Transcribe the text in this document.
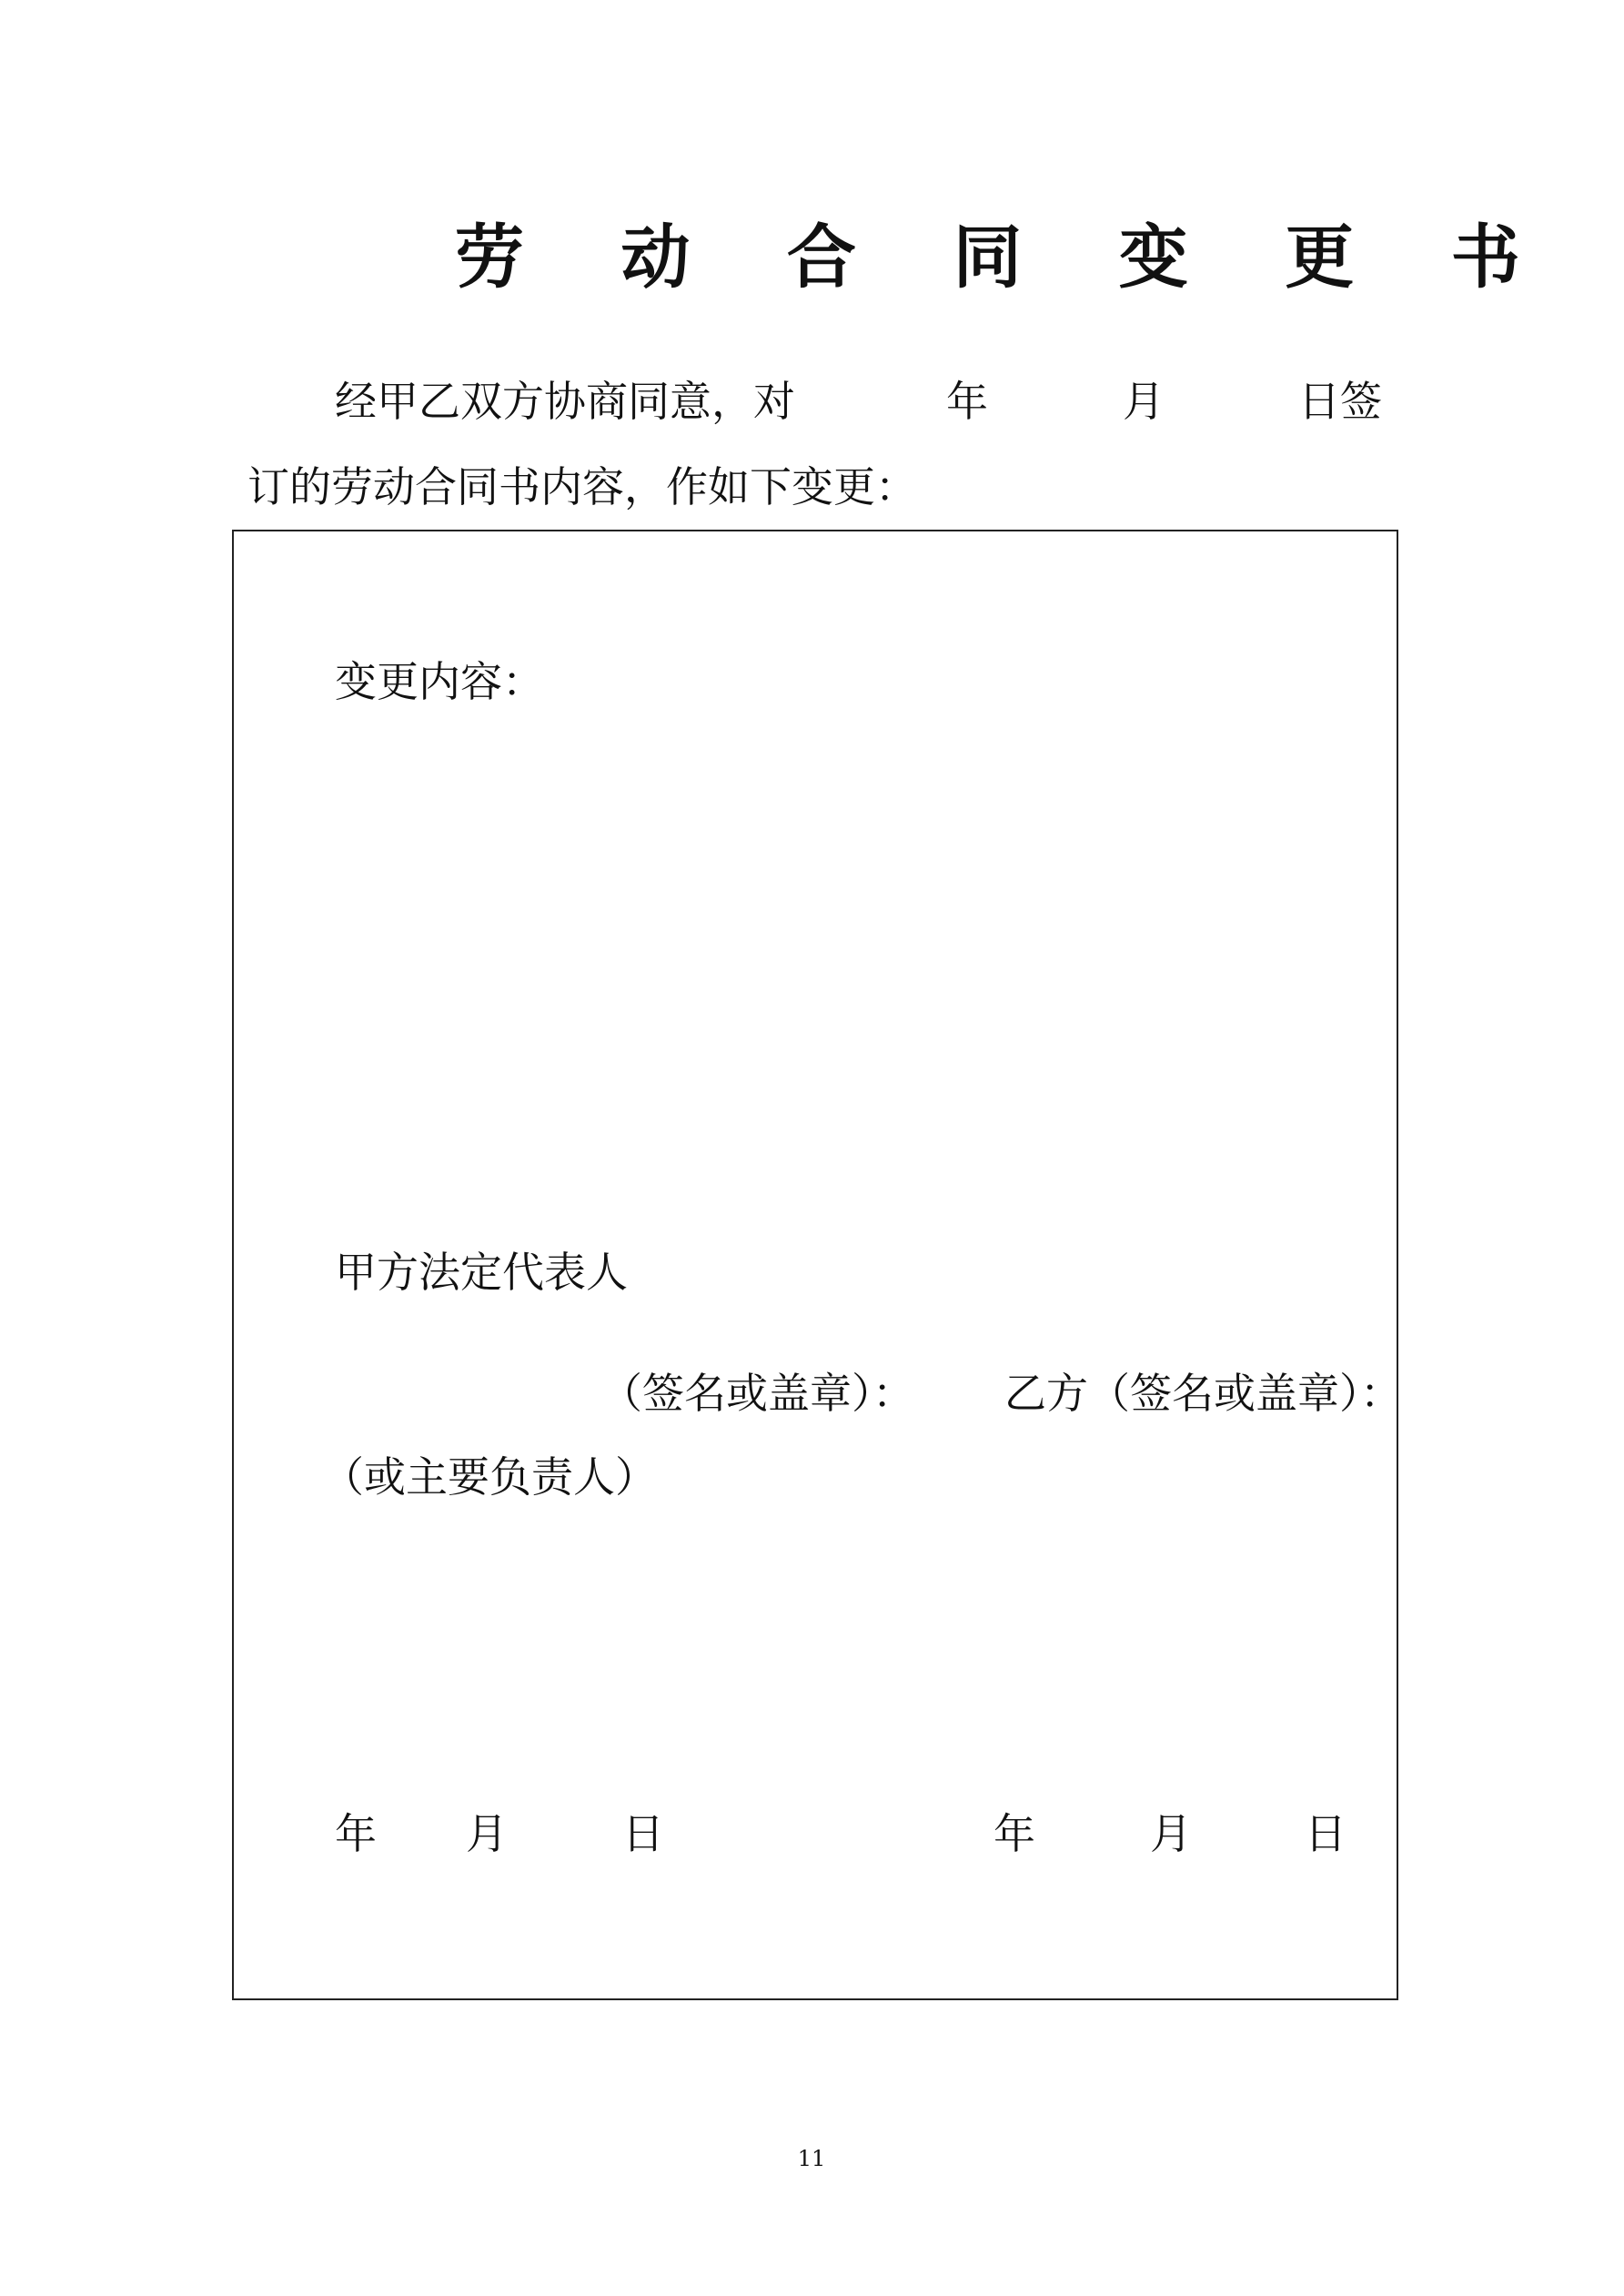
劳 动 合 同 变 更 书
经甲乙双方协商同意，对	年	月	日签
订的劳动合同书内容，作如下变更：
变更内容：
甲方法定代表人
（签名或盖章）： 乙方（签名或盖章）：
（或主要负责人）
年 月	日	年	月	日
11
